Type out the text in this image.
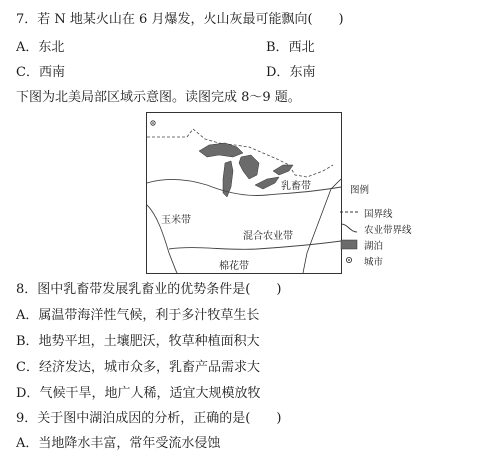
7．若 N 地某火山在 6 月爆发，火山灰最可能飘向(　　)
A．东北	B．西北
C．西南	D．东南
下图为北美局部区域示意图。读图完成 8～9 题。
乳畜带
玉米带
混合农业带
棉花带
图例
国界线
农业带界线
湖泊
城市
8．图中乳畜带发展乳畜业的优势条件是(　　)
A．属温带海洋性气候，利于多汁牧草生长
B．地势平坦，土壤肥沃，牧草种植面积大
C．经济发达，城市众多，乳畜产品需求大
D．气候干旱，地广人稀，适宜大规模放牧
9．关于图中湖泊成因的分析，正确的是(　　)
A．当地降水丰富，常年受流水侵蚀
